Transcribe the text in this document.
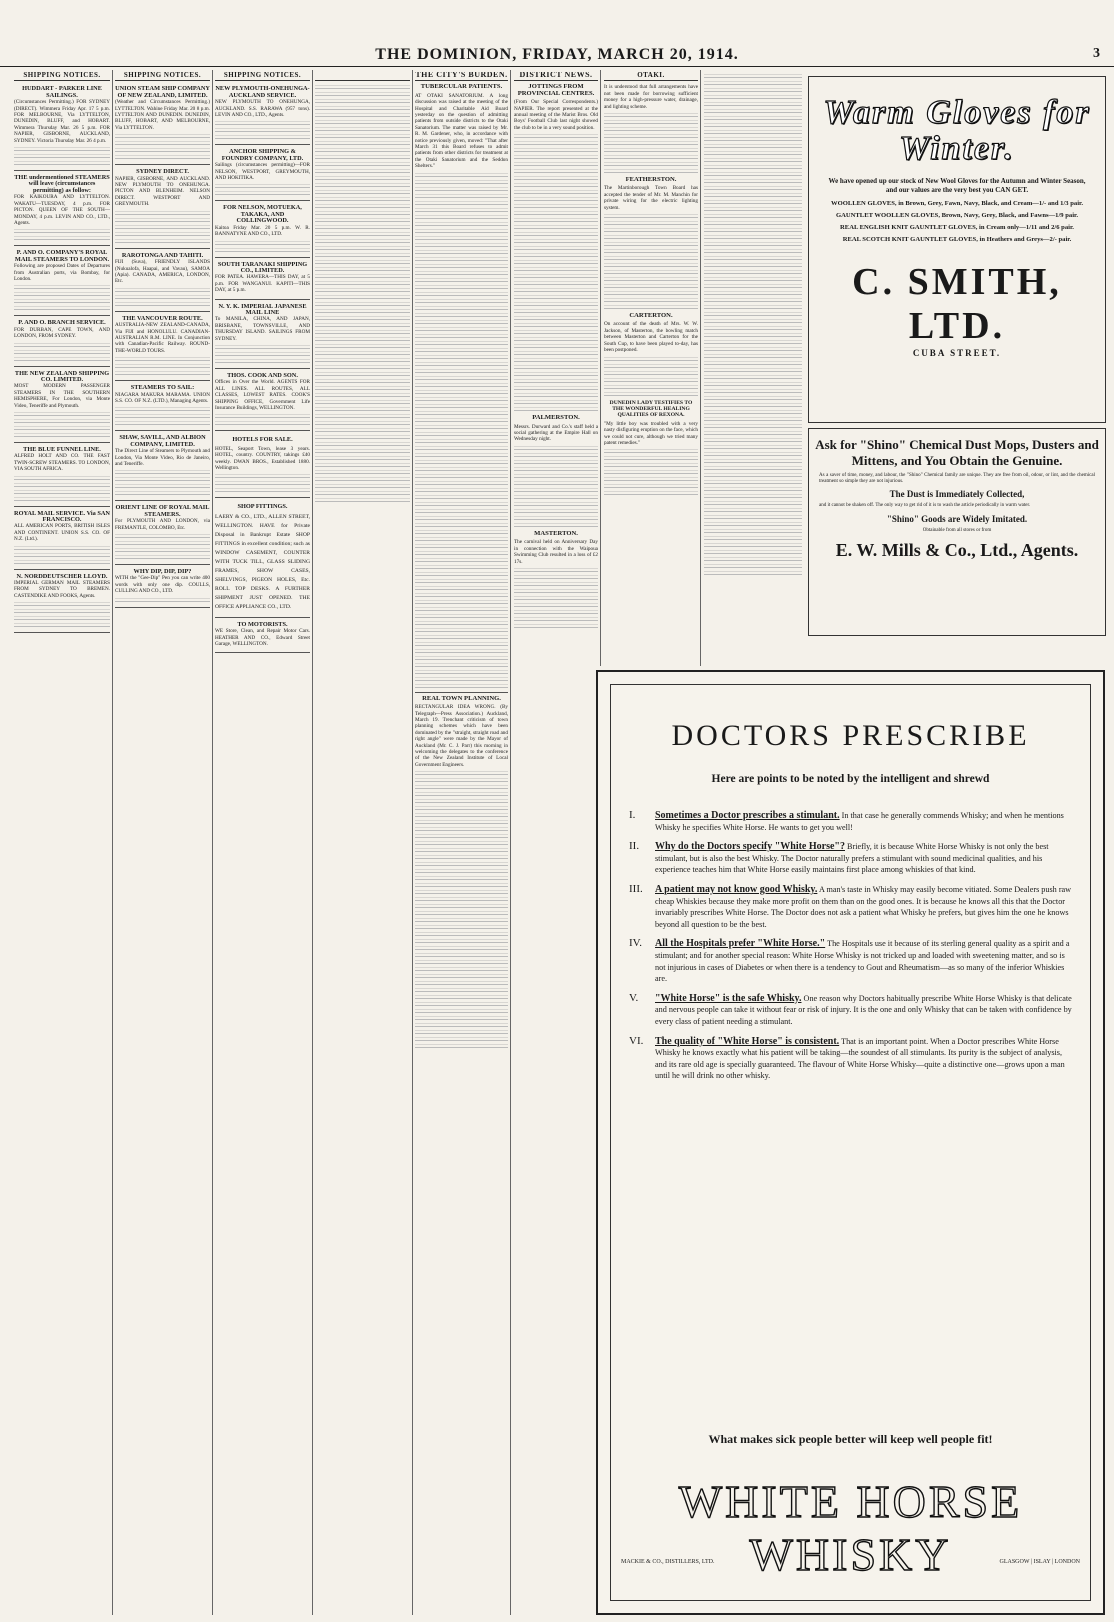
THE DOMINION, FRIDAY, MARCH 20, 1914.	3
SHIPPING NOTICES.
HUDDART - PARKER LINE SAILINGS.

(Circumstances Permitting.) FOR SYDNEY (DIRECT). Wimmera Friday Apr. 17 5 p.m. FOR MELBOURNE, Via LYTTELTON, DUNEDIN, BLUFF, and HOBART. Wimmera Thursday Mar. 26 5 p.m. FOR NAPIER, GISBORNE, AUCKLAND, SYDNEY. Victoria Thursday Mar. 26 4 p.m.

THE undermentioned STEAMERS will leave (circumstances permitting) as follow:

FOR KAIKOURA AND LYTTELTON. WAKATU—TUESDAY, 4 p.m. FOR PICTON. QUEEN OF THE SOUTH—MONDAY, 4 p.m. LEVIN AND CO., LTD., Agents.

P. AND O. COMPANY'S ROYAL MAIL STEAMERS TO LONDON.

Following are proposed Dates of Departures from Australian ports, via Bombay, for London.

P. AND O. BRANCH SERVICE.

FOR DURBAN, CAPE TOWN, AND LONDON, FROM SYDNEY.

THE NEW ZEALAND SHIPPING CO. LIMITED.

MOST MODERN PASSENGER STEAMERS IN THE SOUTHERN HEMISPHERE, For London, via Monte Video, Teneriffe and Plymouth.

THE BLUE FUNNEL LINE.

ALFRED HOLT AND CO. THE FAST TWIN-SCREW STEAMERS. TO LONDON, VIA SOUTH AFRICA.

ROYAL MAIL SERVICE. Via SAN FRANCISCO.

ALL AMERICAN PORTS, BRITISH ISLES AND CONTINENT. UNION S.S. CO. OF N.Z. (Ltd.).

N. NORDDEUTSCHER LLOYD.

IMPERIAL GERMAN MAIL STEAMERS FROM SYDNEY TO BREMEN. CASTENDIKE AND FOOKS, Agents.

SHIPPING NOTICES.
UNION STEAM SHIP COMPANY OF NEW ZEALAND, LIMITED.

(Weather and Circumstances Permitting.) LYTTELTON. Wahine Friday Mar. 20 8 p.m. LYTTELTON AND DUNEDIN. DUNEDIN, BLUFF, HOBART, AND MELBOURNE, Via LYTTELTON.

SYDNEY DIRECT.

NAPIER, GISBORNE, AND AUCKLAND. NEW PLYMOUTH TO ONEHUNGA. PICTON AND BLENHEIM. NELSON DIRECT. WESTPORT AND GREYMOUTH.

RAROTONGA AND TAHITI.

FIJI (Suva), FRIENDLY ISLANDS (Nukualofa, Haapai, and Vavau), SAMOA (Apia). CANADA, AMERICA, LONDON, Etc.

THE VANCOUVER ROUTE.

AUSTRALIA-NEW ZEALAND-CANADA, Via FIJI and HONOLULU. CANADIAN-AUSTRALIAN R.M. LINE. In Conjunction with Canadian-Pacific Railway. ROUND-THE-WORLD TOURS.

STEAMERS TO SAIL:

NIAGARA MAKURA MARAMA. UNION S.S. CO. OF N.Z. (LTD.), Managing Agents.

SHAW, SAVILL, AND ALBION COMPANY, LIMITED.

The Direct Line of Steamers to Plymouth and London, Via Monte Video, Rio de Janeiro, and Teneriffe.

ORIENT LINE OF ROYAL MAIL STEAMERS.

For PLYMOUTH AND LONDON, via FREMANTLE, COLOMBO, Etc.

WHY DIP, DIP, DIP?

WITH the "Gee-Dip" Pen you can write 400 words with only one dip. COULLS, CULLING AND CO., LTD.

SHIPPING NOTICES.
NEW PLYMOUTH-ONEHUNGA-AUCKLAND SERVICE.

NEW PLYMOUTH TO ONEHUNGA, AUCKLAND. S.S. RARAWA (957 tons). LEVIN AND CO., LTD., Agents.

ANCHOR SHIPPING & FOUNDRY COMPANY, LTD.

Sailings (circumstances permitting)—FOR NELSON, WESTPORT, GREYMOUTH, AND HOKITIKA.

FOR NELSON, MOTUEKA, TAKAKA, AND COLLINGWOOD.

Kaitoa Friday Mar. 20 5 p.m. W. R. BANNATYNE AND CO., LTD.

SOUTH TARANAKI SHIPPING CO., LIMITED.

FOR PATEA. HAWERA—THIS DAY, at 5 p.m. FOR WANGANUI. KAPITI—THIS DAY, at 5 p.m.

N. Y. K. IMPERIAL JAPANESE MAIL LINE

To MANILA, CHINA, AND JAPAN, BRISBANE, TOWNSVILLE, AND THURSDAY ISLAND. SAILINGS FROM SYDNEY.

THOS. COOK AND SON.

Offices in Over the World. AGENTS FOR ALL LINES. ALL ROUTES, ALL CLASSES, LOWEST RATES. COOK'S SHIPPING OFFICE, Government Life Insurance Buildings, WELLINGTON.

HOTELS FOR SALE.

HOTEL, Seaport Town, lease 3 years. HOTEL, country. COUNTRY, takings £40 weekly. DWAN BROS., Established 1880. Wellington.

SHOP FITTINGS.

LAERY & CO., LTD., ALLEN STREET, WELLINGTON. HAVE for Private Disposal in Bankrupt Estate SHOP FITTINGS in excellent condition; such as WINDOW CASEMENT, COUNTER WITH TUCK TILL, GLASS SLIDING FRAMES, SHOW CASES, SHELVINGS, PIGEON HOLES, Etc. ROLL TOP DESKS. A FURTHER SHIPMENT JUST OPENED. THE OFFICE APPLIANCE CO., LTD.

TO MOTORISTS.

WE Store, Clean, and Repair Motor Cars. HEATHER AND CO., Edward Street Garage, WELLINGTON.

THE CITY'S BURDEN.
TUBERCULAR PATIENTS.

AT OTAKI SANATORIUM. A long discussion was raised at the meeting of the Hospital and Charitable Aid Board yesterday on the question of admitting patients from outside districts to the Otaki Sanatorium. The matter was raised by Mr. R. M. Gardener, who, in accordance with notice previously given, moved: "That after March 31 this Board refuses to admit patients from other districts for treatment at the Otaki Sanatorium and the Seddon Shelters."

REAL TOWN PLANNING.

RECTANGULAR IDEA WRONG. (By Telegraph—Press Association.) Auckland, March 19. Trenchant criticism of town planning schemes which have been dominated by the "straight, straight road and right angle" were made by the Mayor of Auckland (Mr. C. J. Parr) this morning in welcoming the delegates to the conference of the New Zealand Institute of Local Government Engineers.

DISTRICT NEWS.
JOTTINGS FROM PROVINCIAL CENTRES.

(From Our Special Correspondents.) NAPIER. The report presented at the annual meeting of the Marist Bros. Old Boys' Football Club last night showed the club to be in a very sound position.

PALMERSTON.

Messrs. Durward and Co.'s staff held a social gathering at the Empire Hall on Wednesday night.

MASTERTON.

The carnival held on Anniversary Day in connection with the Waipoua Swimming Club resulted in a loss of £2 17s.

OTAKI.

It is understood that full arrangements have not been made for borrowing sufficient money for a high-pressure water, drainage, and lighting scheme.

FEATHERSTON.

The Martinborough Town Board has accepted the tender of Mr. M. Manchin for private wiring for the electric lighting system.

CARTERTON.

On account of the death of Mrs. W. W. Jackson, of Masterton, the bowling match between Masterton and Carterton for the South Cup, to have been played to-day, has been postponed.

DUNEDIN LADY TESTIFIES TO THE WONDERFUL HEALING QUALITIES OF REXONA.

"My little boy was troubled with a very nasty disfiguring eruption on the face, which we could not cure, although we tried many patent remedies."

Warm Gloves for Winter.
We have opened up our stock of New Wool Gloves for the Autumn and Winter Season, and our values are the very best you CAN GET.
WOOLLEN GLOVES, in Brown, Grey, Fawn, Navy, Black, and Cream—1/- and 1/3 pair.
GAUNTLET WOOLLEN GLOVES, Brown, Navy, Grey, Black, and Fawns—1/9 pair.
REAL ENGLISH KNIT GAUNTLET GLOVES, in Cream only—1/11 and 2/6 pair.
REAL SCOTCH KNIT GAUNTLET GLOVES, in Heathers and Greys—2/- pair.
C. SMITH, LTD.
CUBA STREET.
Ask for "Shino" Chemical Dust Mops, Dusters and Mittens, and You Obtain the Genuine.
As a saver of time, money, and labour, the "Shino" Chemical family are unique. They are free from oil, odour, or lint, and the chemical treatment so simple they are not injurious.
The Dust is Immediately Collected,
and it cannot be shaken off. The only way to get rid of it is to wash the article periodically in warm water.
"Shino" Goods are Widely Imitated.
Obtainable from all stores or from
E. W. Mills & Co., Ltd., Agents.
DOCTORS PRESCRIBE
Here are points to be noted by the intelligent and shrewd
I.	Sometimes a Doctor prescribes a stimulant. In that case he generally commends Whisky; and when he mentions Whisky he specifies White Horse. He wants to get you well!
II.	Why do the Doctors specify "White Horse"? Briefly, it is because White Horse Whisky is not only the best stimulant, but is also the best Whisky. The Doctor naturally prefers a stimulant with sound medicinal qualities, and his experience teaches him that White Horse easily maintains first place among whiskies of that kind.
III.	A patient may not know good Whisky. A man's taste in Whisky may easily become vitiated. Some Dealers push raw cheap Whiskies because they make more profit on them than on the good ones. It is because he knows all this that the Doctor invariably prescribes White Horse. The Doctor does not ask a patient what Whisky he prefers, but gives him the one he knows beyond all question to be the best.
IV.	All the Hospitals prefer "White Horse." The Hospitals use it because of its sterling general quality as a spirit and a stimulant; and for another special reason: White Horse Whisky is not tricked up and loaded with sweetening matter, and so is not injurious in cases of Diabetes or when there is a tendency to Gout and Rheumatism—as so many of the inferior Whiskies are.
V.	"White Horse" is the safe Whisky. One reason why Doctors habitually prescribe White Horse Whisky is that delicate and nervous people can take it without fear or risk of injury. It is the one and only Whisky that can be taken with confidence by every class of patient needing a stimulant.
VI.	The quality of "White Horse" is consistent. That is an important point. When a Doctor prescribes White Horse Whisky he knows exactly what his patient will be taking—the soundest of all stimulants. Its purity is the subject of analysis, and its rare old age is specially guaranteed. The flavour of White Horse Whisky—quite a distinctive one—grows upon a man until he will drink no other whisky.
What makes sick people better will keep well people fit!
WHITE HORSE WHISKY
MACKIE & CO., DISTILLERS, LTD.	GLASGOW | ISLAY | LONDON
